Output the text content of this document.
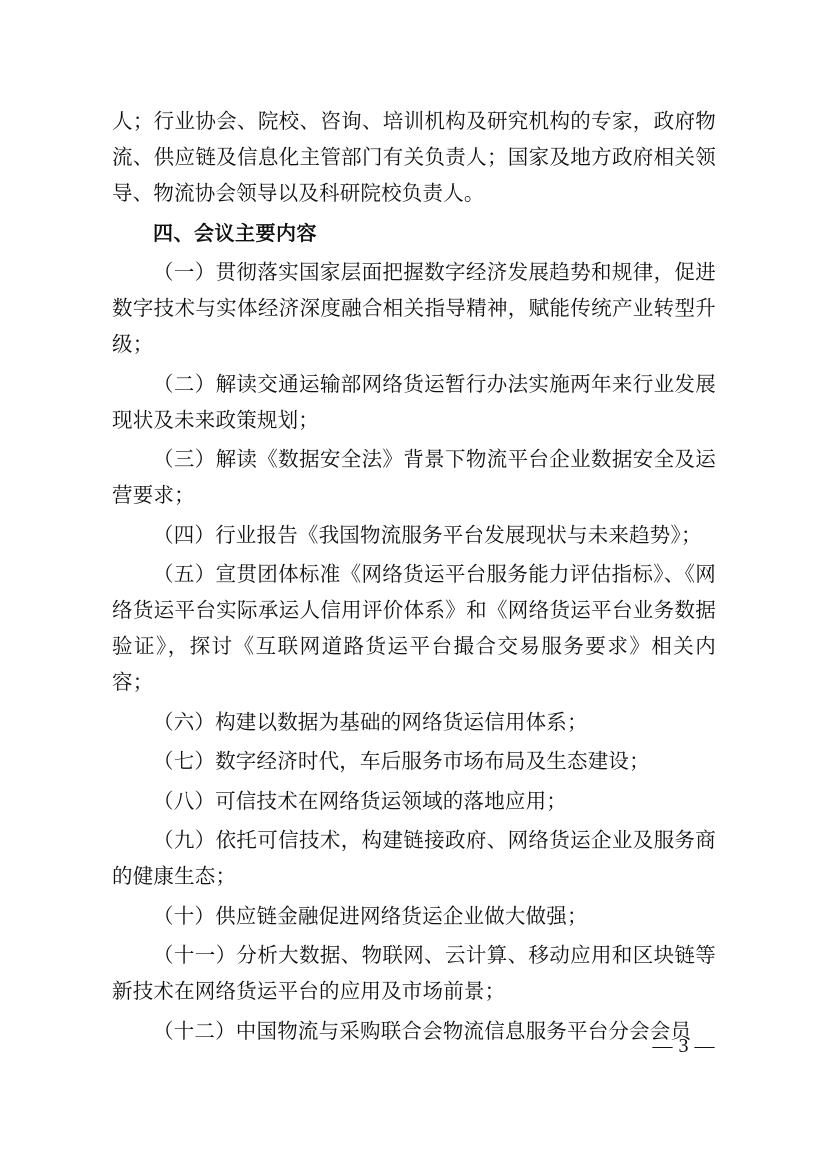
人；行业协会、院校、咨询、培训机构及研究机构的专家，政府物流、供应链及信息化主管部门有关负责人；国家及地方政府相关领导、物流协会领导以及科研院校负责人。

四、会议主要内容

（一）贯彻落实国家层面把握数字经济发展趋势和规律，促进数字技术与实体经济深度融合相关指导精神，赋能传统产业转型升级；

（二）解读交通运输部网络货运暂行办法实施两年来行业发展现状及未来政策规划；

（三）解读《数据安全法》背景下物流平台企业数据安全及运营要求；

（四）行业报告《我国物流服务平台发展现状与未来趋势》；

（五）宣贯团体标准《网络货运平台服务能力评估指标》、《网络货运平台实际承运人信用评价体系》和《网络货运平台业务数据验证》，探讨《互联网道路货运平台撮合交易服务要求》相关内容；

（六）构建以数据为基础的网络货运信用体系；

（七）数字经济时代，车后服务市场布局及生态建设；

（八）可信技术在网络货运领域的落地应用；

（九）依托可信技术，构建链接政府、网络货运企业及服务商的健康生态；

（十）供应链金融促进网络货运企业做大做强；

（十一）分析大数据、物联网、云计算、移动应用和区块链等新技术在网络货运平台的应用及市场前景；

（十二）中国物流与采购联合会物流信息服务平台分会会员

— 3 —
